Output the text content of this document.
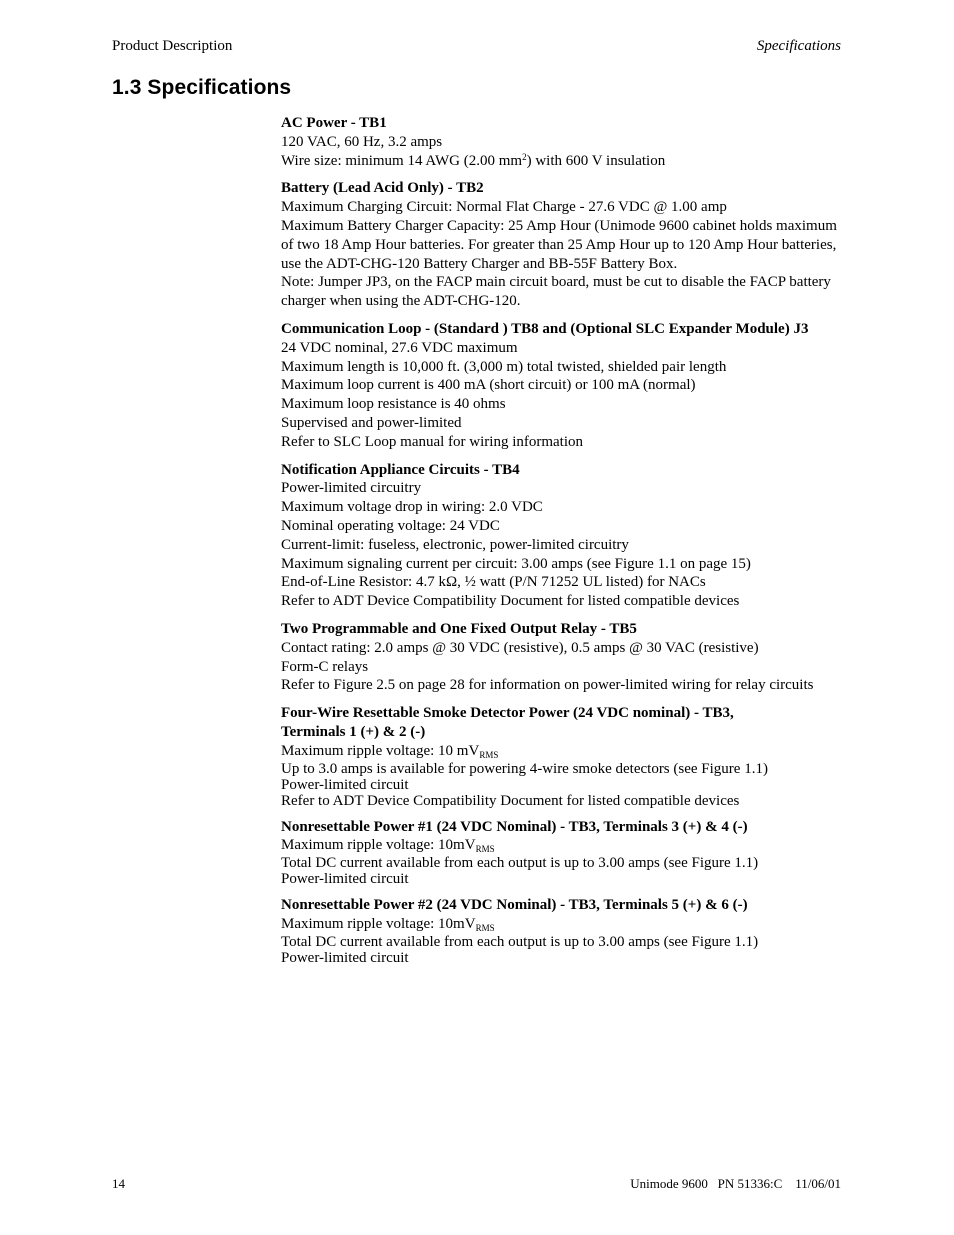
Product Description	Specifications
1.3 Specifications
AC Power - TB1
120 VAC, 60 Hz, 3.2 amps
Wire size: minimum 14 AWG (2.00 $mm^2$) with 600 V insulation
Battery (Lead Acid Only) - TB2
Maximum Charging Circuit: Normal Flat Charge - 27.6 VDC @ 1.00 amp
Maximum Battery Charger Capacity: 25 Amp Hour (Unimode 9600 cabinet holds maximum of two 18 Amp Hour batteries. For greater than 25 Amp Hour up to 120 Amp Hour batteries, use the ADT-CHG-120 Battery Charger and BB-55F Battery Box.
Note: Jumper JP3, on the FACP main circuit board, must be cut to disable the FACP battery charger when using the ADT-CHG-120.
Communication Loop - (Standard ) TB8 and (Optional SLC Expander Module) J3
24 VDC nominal, 27.6 VDC maximum
Maximum length is 10,000 ft. (3,000 m) total twisted, shielded pair length
Maximum loop current is 400 mA (short circuit) or 100 mA (normal)
Maximum loop resistance is 40 ohms
Supervised and power-limited
Refer to SLC Loop manual for wiring information
Notification Appliance Circuits - TB4
Power-limited circuitry
Maximum voltage drop in wiring: 2.0 VDC
Nominal operating voltage: 24 VDC
Current-limit: fuseless, electronic, power-limited circuitry
Maximum signaling current per circuit: 3.00 amps (see Figure 1.1 on page 15)
End-of-Line Resistor: 4.7 kΩ, ½ watt (P/N 71252 UL listed) for NACs
Refer to ADT Device Compatibility Document for listed compatible devices
Two Programmable and One Fixed Output Relay - TB5
Contact rating: 2.0 amps @ 30 VDC (resistive), 0.5 amps @ 30 VAC (resistive)
Form-C relays
Refer to Figure 2.5 on page 28 for information on power-limited wiring for relay circuits
Four-Wire Resettable Smoke Detector Power (24 VDC nominal) - TB3,
Terminals 1 (+) & 2 (-)
Maximum ripple voltage: 10 $mV_{RMS}$
Up to 3.0 amps is available for powering 4-wire smoke detectors (see Figure 1.1)
Power-limited circuit
Refer to ADT Device Compatibility Document for listed compatible devices
Nonresettable Power #1 (24 VDC Nominal) - TB3, Terminals 3 (+) & 4 (-)
Maximum ripple voltage: $10mV_{RMS}$
Total DC current available from each output is up to 3.00 amps (see Figure 1.1)
Power-limited circuit
Nonresettable Power #2 (24 VDC Nominal) - TB3, Terminals 5 (+) & 6 (-)
Maximum ripple voltage: $10mV_{RMS}$
Total DC current available from each output is up to 3.00 amps (see Figure 1.1)
Power-limited circuit
14	Unimode 9600   PN 51336:C    11/06/01
